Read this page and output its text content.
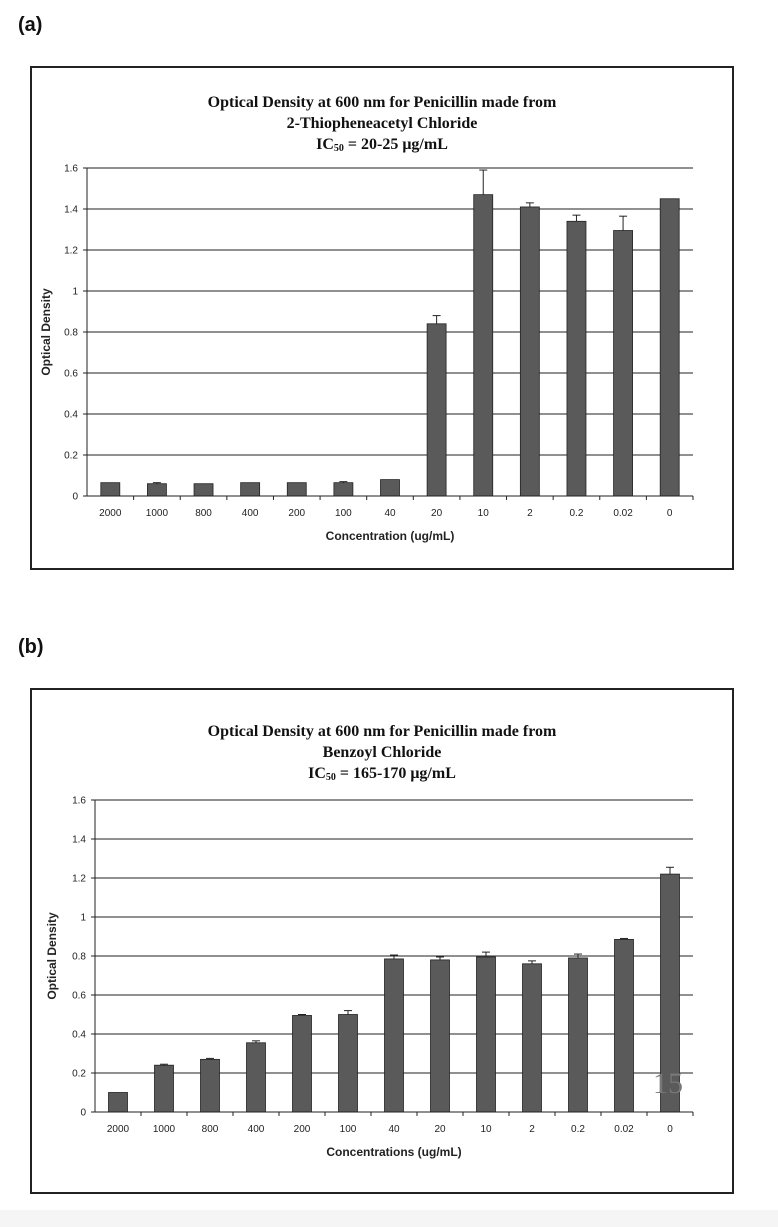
(a)
Optical Density at 600 nm for Penicillin made from
2-Thiopheneacetyl Chloride
$IC_{50} = 20-25$ μg/mL
0
0.2
0.4
0.6
0.8
1
1.2
1.4
1.6
2000 1000	800	400	200	100	40	20	10	2	0.2	0.02	0
Concentration (ug/mL)
Optical Density
(b)
Optical Density at 600 nm for Penicillin made from
Benzoyl Chloride
$IC_{50} = 165-170$ μg/mL
0
0.2
0.4
0.6
0.8
1
1.2
1.4
1.6
2000 1000	800	400	200	100	40	20	10	2	0.2	0.02	0
Concentrations (ug/mL)
Optical Density
15
